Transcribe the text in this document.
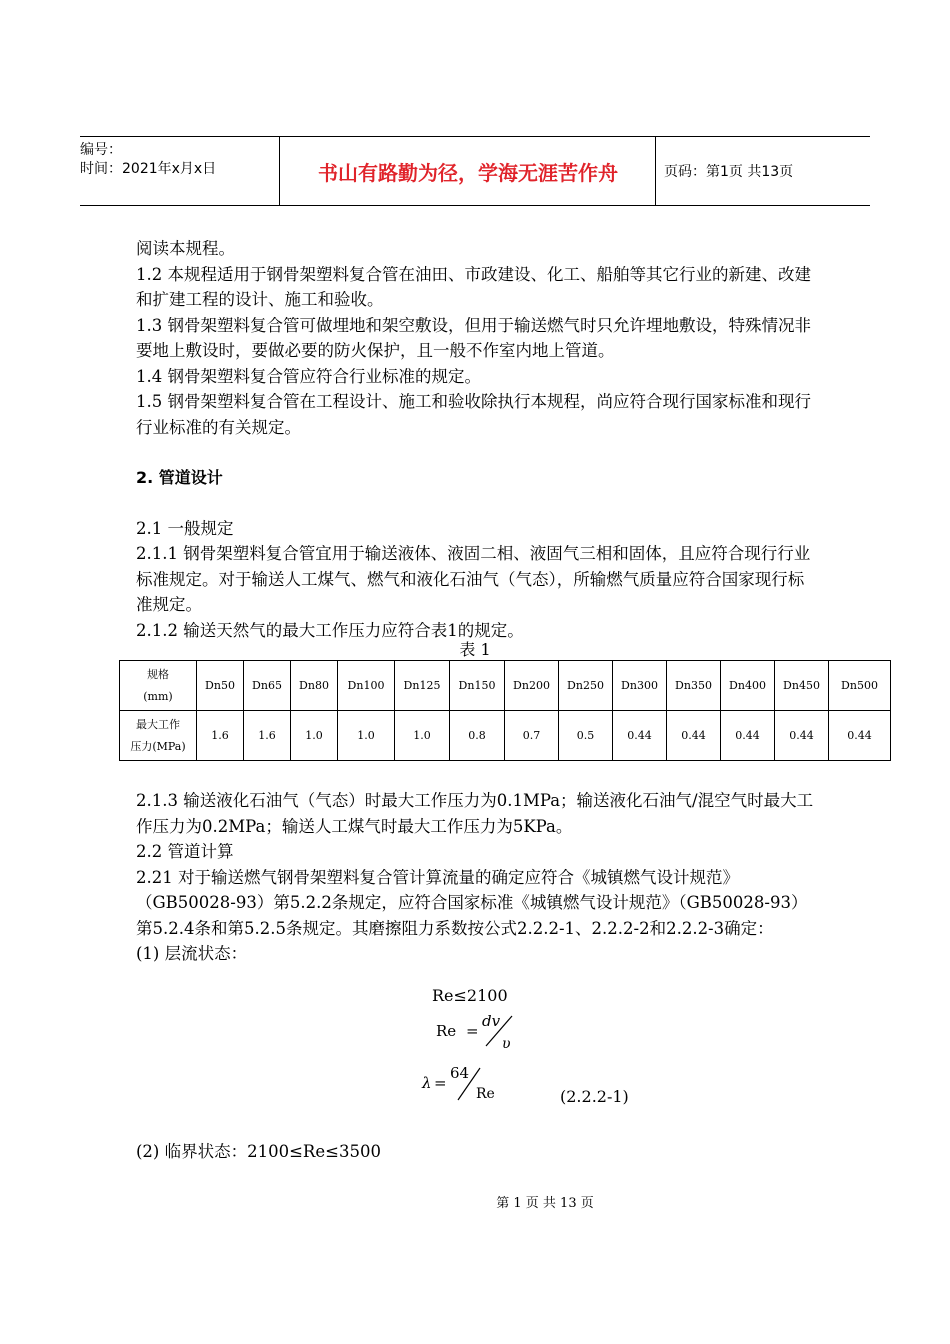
编号：
时间：2021年x月x日	书山有路勤为径，学海无涯苦作舟	页码：第1页 共13页

阅读本规程。

1.2 本规程适用于钢骨架塑料复合管在油田、市政建设、化工、船舶等其它行业的新建、改建和扩建工程的设计、施工和验收。

1.3 钢骨架塑料复合管可做埋地和架空敷设，但用于输送燃气时只允许埋地敷设，特殊情况非要地上敷设时，要做必要的防火保护，且一般不作室内地上管道。

1.4 钢骨架塑料复合管应符合行业标准的规定。

1.5 钢骨架塑料复合管在工程设计、施工和验收除执行本规程，尚应符合现行国家标准和现行行业标准的有关规定。

2. 管道设计

2.1 一般规定

2.1.1 钢骨架塑料复合管宜用于输送液体、液固二相、液固气三相和固体，且应符合现行行业标准规定。对于输送人工煤气、燃气和液化石油气（气态），所输燃气质量应符合国家现行标准规定。

2.1.2 输送天然气的最大工作压力应符合表1的规定。

表 1
规格
(mm)	Dn50	Dn65	Dn80	Dn100	Dn125	Dn150	Dn200	Dn250	Dn300	Dn350	Dn400	Dn450	Dn500

最大工作
压力(MPa)	1.6	1.6	1.0	1.0	1.0	0.8	0.7	0.5	0.44	0.44	0.44	0.44	0.44

2.1.3 输送液化石油气（气态）时最大工作压力为0.1MPa；输送液化石油气/混空气时最大工作压力为0.2MPa；输送人工煤气时最大工作压力为5KPa。

2.2 管道计算

2.21 对于输送燃气钢骨架塑料复合管计算流量的确定应符合《城镇燃气设计规范》（GB50028-93）第5.2.2条规定，应符合国家标准《城镇燃气设计规范》（GB50028-93）第5.2.4条和第5.2.5条规定。其磨擦阻力系数按公式2.2.2-1、2.2.2-2和2.2.2-3确定：

(1) 层流状态：

Re≤2100
Re =
dv
υ
λ =
64
Re	(2.2.2-1)
(2) 临界状态：2100≤Re≤3500
第 1 页 共 13 页
